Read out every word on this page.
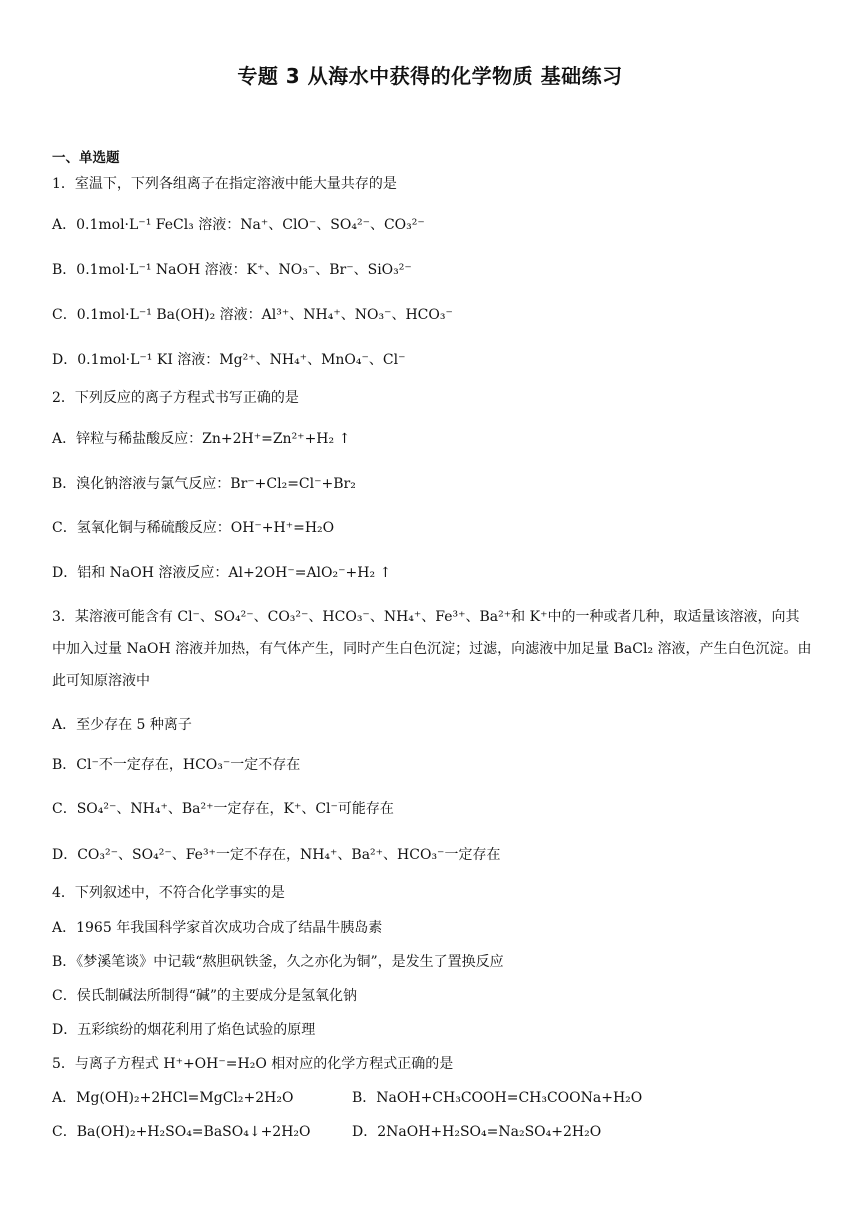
专题 3 从海水中获得的化学物质 基础练习
一、单选题
1．室温下，下列各组离子在指定溶液中能大量共存的是
A．0.1mol·L⁻¹ FeCl₃ 溶液：Na⁺、ClO⁻、SO₄²⁻、CO₃²⁻
B．0.1mol·L⁻¹ NaOH 溶液：K⁺、NO₃⁻、Br⁻、SiO₃²⁻
C．0.1mol·L⁻¹ Ba(OH)₂ 溶液：Al³⁺、NH₄⁺、NO₃⁻、HCO₃⁻
D．0.1mol·L⁻¹ KI 溶液：Mg²⁺、NH₄⁺、MnO₄⁻、Cl⁻
2．下列反应的离子方程式书写正确的是
A．锌粒与稀盐酸反应：Zn+2H⁺=Zn²⁺+H₂ ↑
B．溴化钠溶液与氯气反应：Br⁻+Cl₂=Cl⁻+Br₂
C．氢氧化铜与稀硫酸反应：OH⁻+H⁺=H₂O
D．铝和 NaOH 溶液反应：Al+2OH⁻=AlO₂⁻+H₂ ↑
3．某溶液可能含有 Cl⁻、SO₄²⁻、CO₃²⁻、HCO₃⁻、NH₄⁺、Fe³⁺、Ba²⁺和 K⁺中的一种或者几种，取适量该溶液，向其中加入过量 NaOH 溶液并加热，有气体产生，同时产生白色沉淀；过滤，向滤液中加足量 BaCl₂ 溶液，产生白色沉淀。由此可知原溶液中
A．至少存在 5 种离子
B．Cl⁻不一定存在，HCO₃⁻一定不存在
C．SO₄²⁻、NH₄⁺、Ba²⁺一定存在，K⁺、Cl⁻可能存在
D．CO₃²⁻、SO₄²⁻、Fe³⁺一定不存在，NH₄⁺、Ba²⁺、HCO₃⁻一定存在
4．下列叙述中，不符合化学事实的是
A．1965 年我国科学家首次成功合成了结晶牛胰岛素
B．《梦溪笔谈》中记载“熬胆矾铁釜，久之亦化为铜”，是发生了置换反应
C．侯氏制碱法所制得“碱”的主要成分是氢氧化钠
D．五彩缤纷的烟花利用了焰色试验的原理
5．与离子方程式 H⁺+OH⁻=H₂O 相对应的化学方程式正确的是
A．Mg(OH)₂+2HCl=MgCl₂+2H₂O	B．NaOH+CH₃COOH=CH₃COONa+H₂O
C．Ba(OH)₂+H₂SO₄=BaSO₄↓+2H₂O	D．2NaOH+H₂SO₄=Na₂SO₄+2H₂O
